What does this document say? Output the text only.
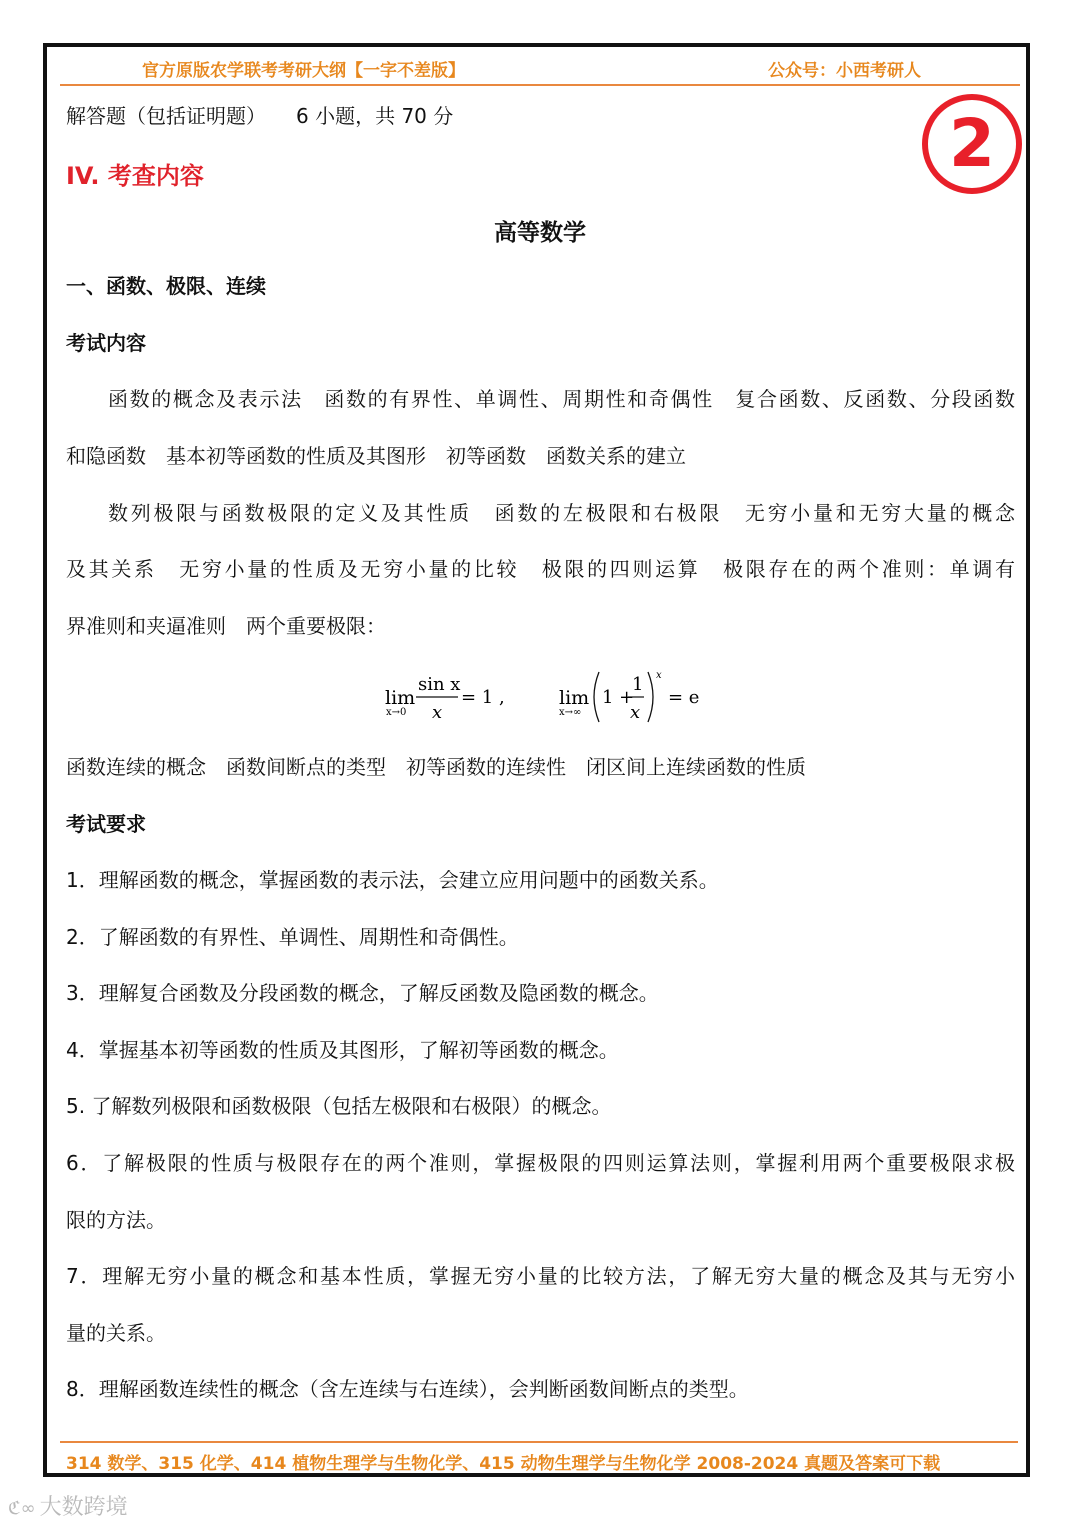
官方原版农学联考考研大纲【一字不差版】	公众号：小西考研人
2
解答题（包括证明题）　　6 小题，共 70 分
IV. 考查内容
高等数学
一、函数、极限、连续
考试内容
函数的概念及表示法　函数的有界性、单调性、周期性和奇偶性　复合函数、反函数、分段函数
和隐函数　基本初等函数的性质及其图形　初等函数　函数关系的建立
数列极限与函数极限的定义及其性质　函数的左极限和右极限　无穷小量和无穷大量的概念
及其关系　无穷小量的性质及无穷小量的比较　极限的四则运算　极限存在的两个准则：单调有
界准则和夹逼准则　两个重要极限：
lim
x→0
sin x
x
= 1 ,	lim
x→∞
1 +
1
x
x
= e
函数连续的概念　函数间断点的类型　初等函数的连续性　闭区间上连续函数的性质
考试要求
1．理解函数的概念，掌握函数的表示法，会建立应用问题中的函数关系。
2．了解函数的有界性、单调性、周期性和奇偶性。
3．理解复合函数及分段函数的概念，了解反函数及隐函数的概念。
4．掌握基本初等函数的性质及其图形，了解初等函数的概念。
5. 了解数列极限和函数极限（包括左极限和右极限）的概念。
6．了解极限的性质与极限存在的两个准则，掌握极限的四则运算法则，掌握利用两个重要极限求极
限的方法。
7．理解无穷小量的概念和基本性质，掌握无穷小量的比较方法，了解无穷大量的概念及其与无穷小
量的关系。
8．理解函数连续性的概念（含左连续与右连续），会判断函数间断点的类型。
314 数学、315 化学、414 植物生理学与生物化学、415 动物生理学与生物化学 2008-2024 真题及答案可下载
ℭ∞ 大数跨境
